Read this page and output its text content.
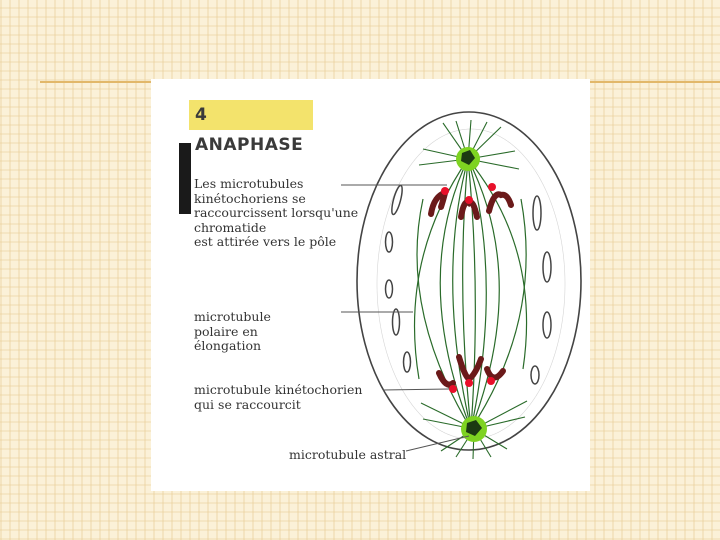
4 ANAPHASE
Les microtubules
kinétochoriens se
raccourcissent lorsqu'une
chromatide
est attirée vers le pôle
microtubule
polaire en
élongation
microtubule kinétochorien
qui se raccourcit
microtubule astral
